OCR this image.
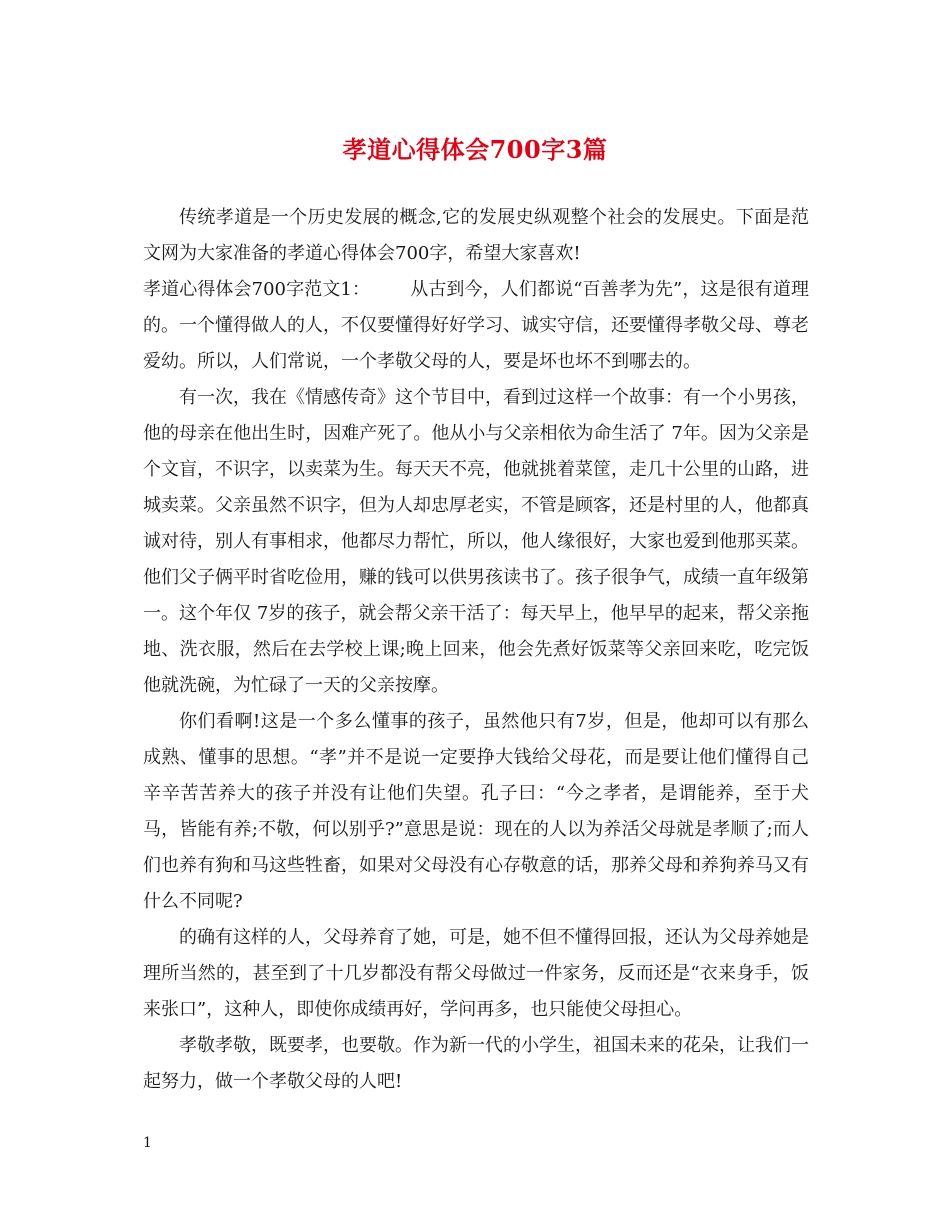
孝道心得体会700字3篇

传统孝道是一个历史发展的概念,它的发展史纵观整个社会的发展史。下面是范文网为大家准备的孝道心得体会700字，希望大家喜欢!

孝道心得体会700字范文1： 从古到今，人们都说“百善孝为先”，这是很有道理的。一个懂得做人的人，不仅要懂得好好学习、诚实守信，还要懂得孝敬父母、尊老爱幼。所以，人们常说，一个孝敬父母的人，要是坏也坏不到哪去的。

有一次，我在《情感传奇》这个节目中，看到过这样一个故事：有一个小男孩，他的母亲在他出生时，因难产死了。他从小与父亲相依为命生活了 7年。因为父亲是个文盲，不识字，以卖菜为生。每天天不亮，他就挑着菜筐，走几十公里的山路，进城卖菜。父亲虽然不识字，但为人却忠厚老实，不管是顾客，还是村里的人，他都真诚对待，别人有事相求，他都尽力帮忙，所以，他人缘很好，大家也爱到他那买菜。他们父子俩平时省吃俭用，赚的钱可以供男孩读书了。孩子很争气，成绩一直年级第一。这个年仅 7岁的孩子，就会帮父亲干活了：每天早上，他早早的起来，帮父亲拖地、洗衣服，然后在去学校上课;晚上回来，他会先煮好饭菜等父亲回来吃，吃完饭他就洗碗，为忙碌了一天的父亲按摩。

你们看啊!这是一个多么懂事的孩子，虽然他只有7岁，但是，他却可以有那么成熟、懂事的思想。“孝”并不是说一定要挣大钱给父母花，而是要让他们懂得自己辛辛苦苦养大的孩子并没有让他们失望。孔子曰：“今之孝者，是谓能养，至于犬马，皆能有养;不敬，何以别乎?”意思是说：现在的人以为养活父母就是孝顺了;而人们也养有狗和马这些牲畜，如果对父母没有心存敬意的话，那养父母和养狗养马又有什么不同呢?

的确有这样的人，父母养育了她，可是，她不但不懂得回报，还认为父母养她是理所当然的，甚至到了十几岁都没有帮父母做过一件家务，反而还是“衣来身手，饭来张口”，这种人，即使你成绩再好，学问再多，也只能使父母担心。

孝敬孝敬，既要孝，也要敬。作为新一代的小学生，祖国未来的花朵，让我们一起努力，做一个孝敬父母的人吧!

1
